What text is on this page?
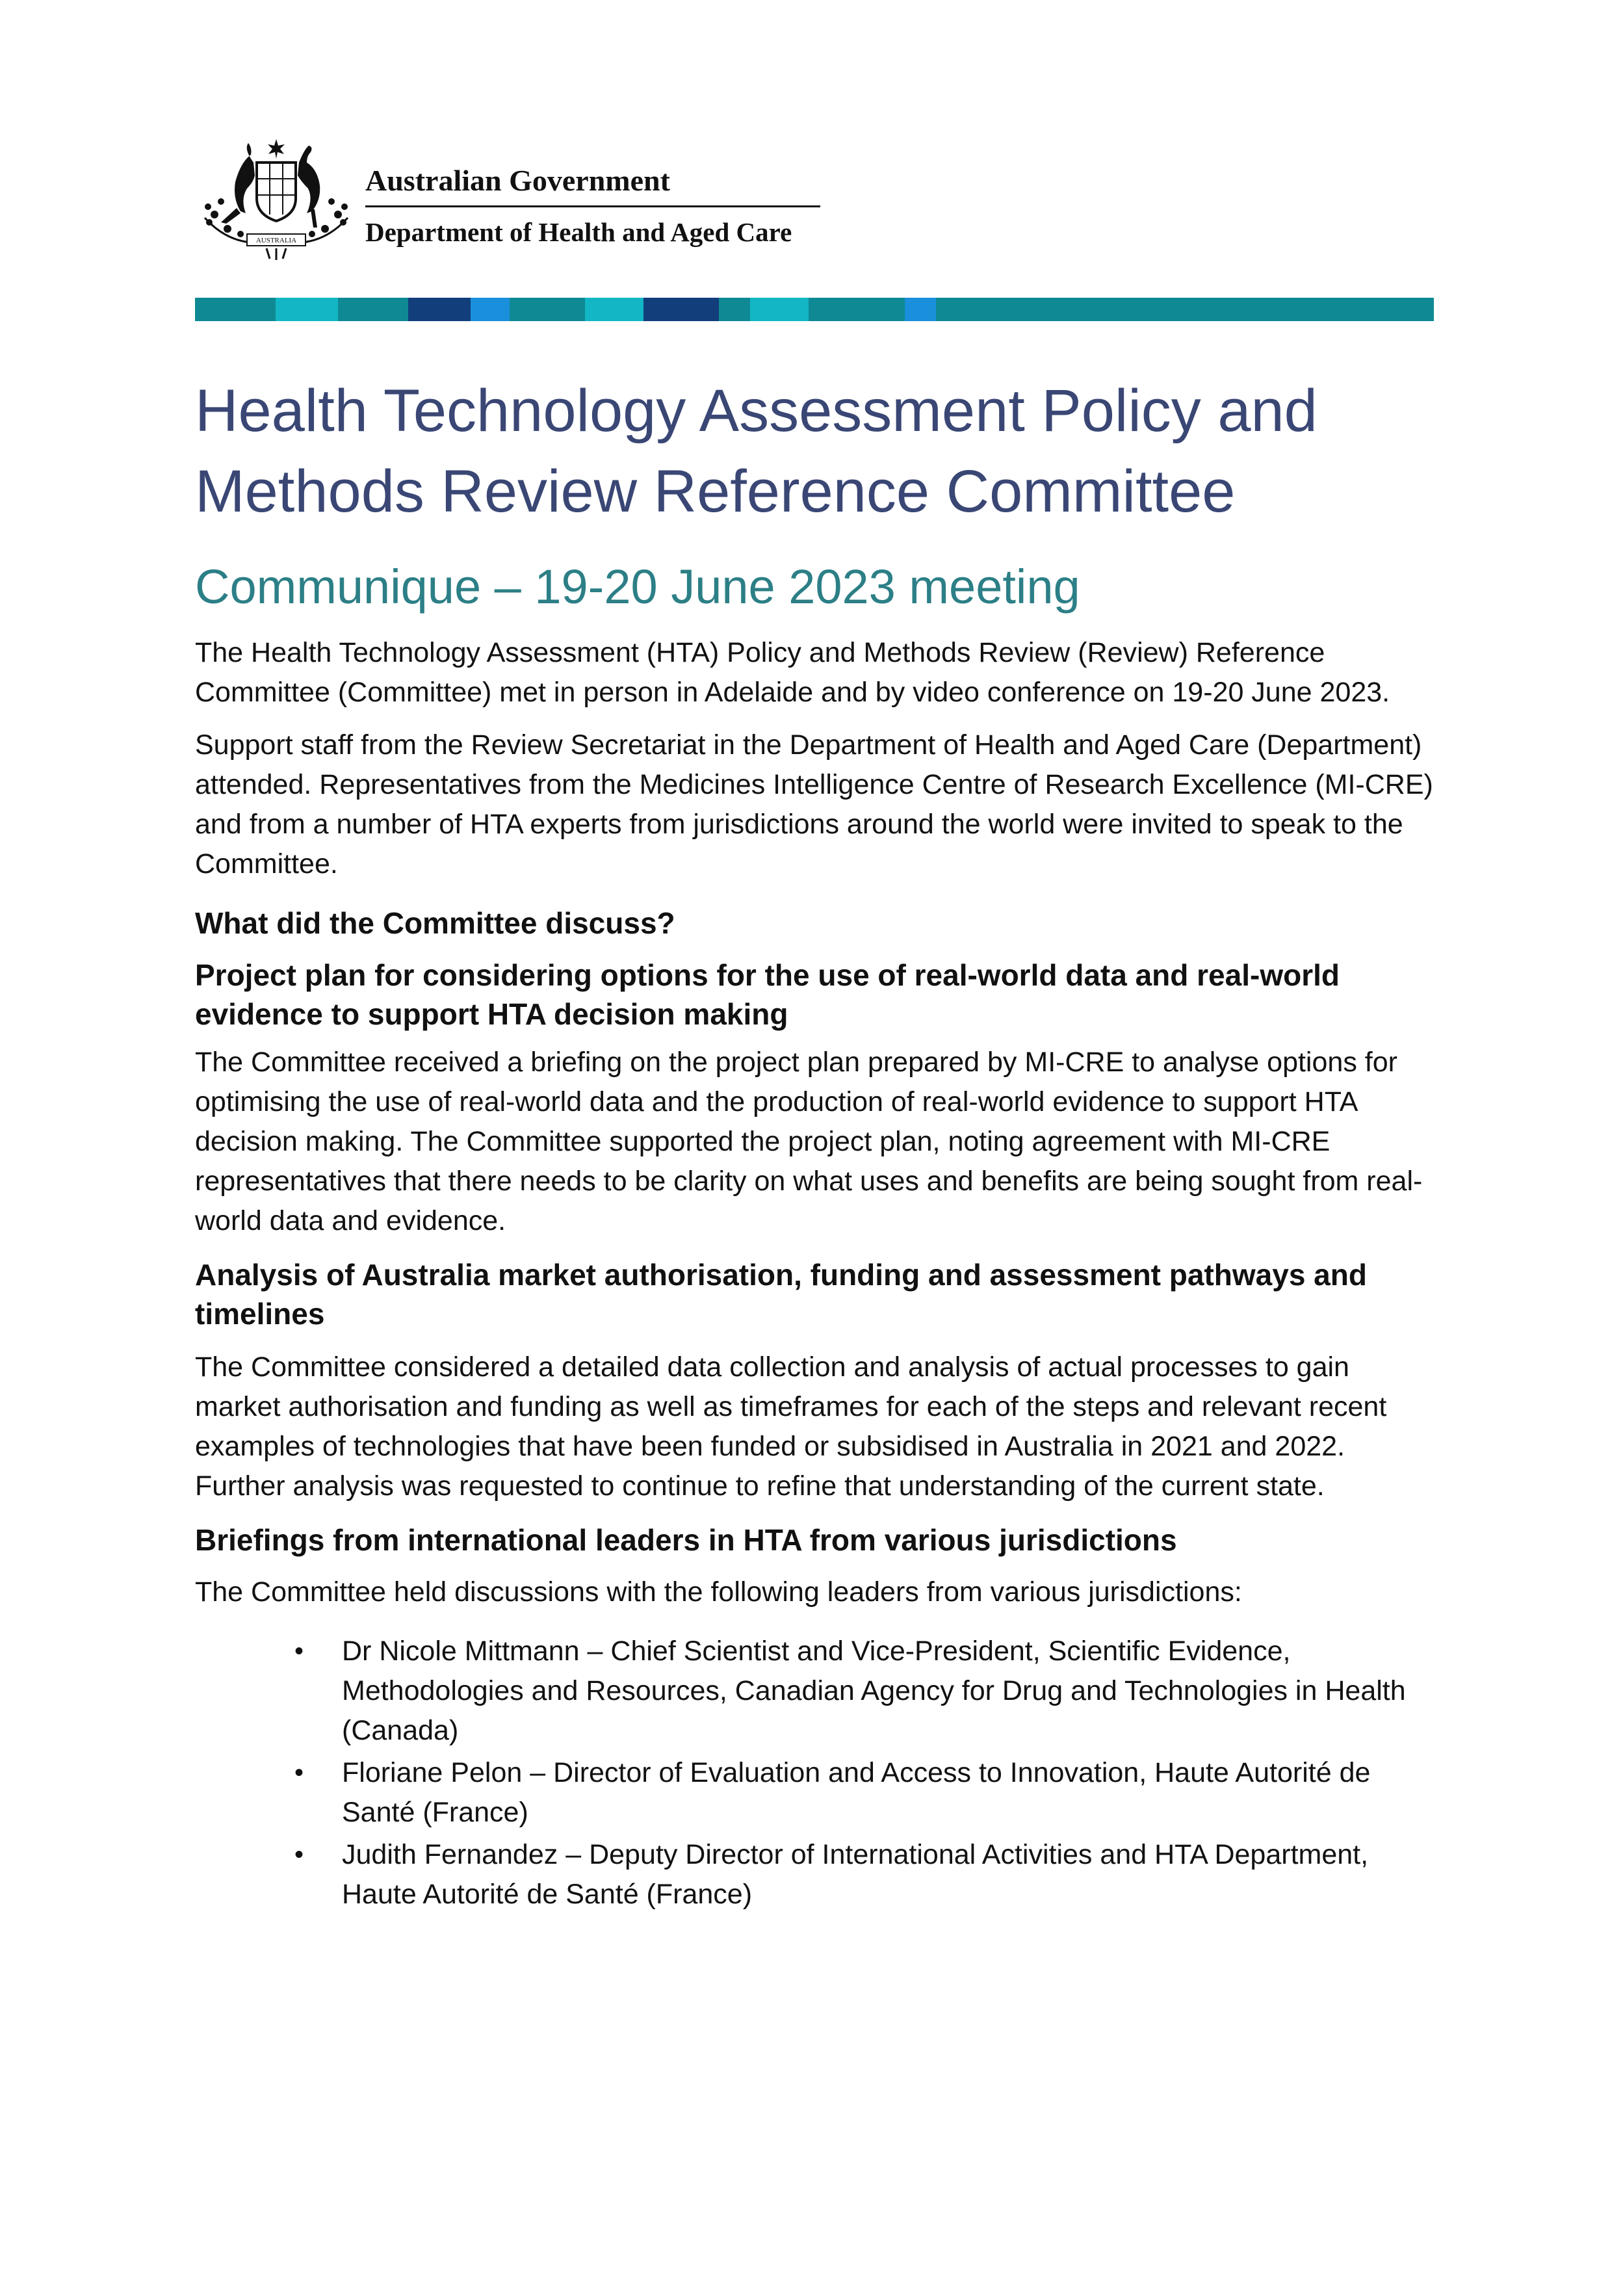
AUSTRALIA
Australian Government
Department of Health and Aged Care
Health Technology Assessment Policy and Methods Review Reference Committee
Communique – 19-20 June 2023 meeting

The Health Technology Assessment (HTA) Policy and Methods Review (Review) Reference Committee (Committee) met in person in Adelaide and by video conference on 19-20 June 2023.

Support staff from the Review Secretariat in the Department of Health and Aged Care (Department) attended. Representatives from the Medicines Intelligence Centre of Research Excellence (MI-CRE) and from a number of HTA experts from jurisdictions around the world were invited to speak to the Committee.

What did the Committee discuss?
Project plan for considering options for the use of real-world data and real-world evidence to support HTA decision making

The Committee received a briefing on the project plan prepared by MI-CRE to analyse options for optimising the use of real-world data and the production of real-world evidence to support HTA decision making. The Committee supported the project plan, noting agreement with MI-CRE representatives that there needs to be clarity on what uses and benefits are being sought from real-world data and evidence.

Analysis of Australia market authorisation, funding and assessment pathways and timelines

The Committee considered a detailed data collection and analysis of actual processes to gain market authorisation and funding as well as timeframes for each of the steps and relevant recent examples of technologies that have been funded or subsidised in Australia in 2021 and 2022. Further analysis was requested to continue to refine that understanding of the current state.

Briefings from international leaders in HTA from various jurisdictions

The Committee held discussions with the following leaders from various jurisdictions:

• Dr Nicole Mittmann – Chief Scientist and Vice-President, Scientific Evidence, Methodologies and Resources, Canadian Agency for Drug and Technologies in Health (Canada)
• Floriane Pelon – Director of Evaluation and Access to Innovation, Haute Autorité de Santé (France)
• Judith Fernandez – Deputy Director of International Activities and HTA Department, Haute Autorité de Santé (France)
